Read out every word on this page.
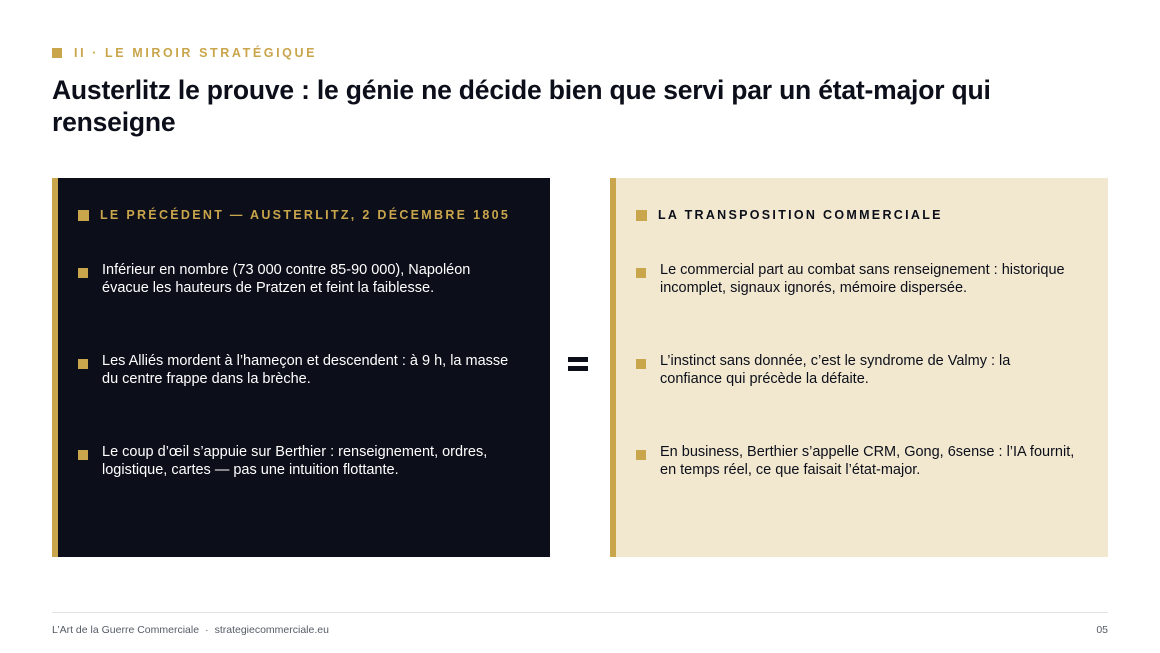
II · LE MIROIR STRATÉGIQUE
Austerlitz le prouve : le génie ne décide bien que servi par un état-major qui renseigne
LE PRÉCÉDENT — AUSTERLITZ, 2 DÉCEMBRE 1805
Inférieur en nombre (73 000 contre 85-90 000), Napoléon évacue les hauteurs de Pratzen et feint la faiblesse.
Les Alliés mordent à l’hameçon et descendent : à 9 h, la masse du centre frappe dans la brèche.
Le coup d’œil s’appuie sur Berthier : renseignement, ordres, logistique, cartes — pas une intuition flottante.
LA TRANSPOSITION COMMERCIALE
Le commercial part au combat sans renseignement : historique incomplet, signaux ignorés, mémoire dispersée.
L’instinct sans donnée, c’est le syndrome de Valmy : la confiance qui précède la défaite.
En business, Berthier s’appelle CRM, Gong, 6sense : l’IA fournit, en temps réel, ce que faisait l’état-major.
L’Art de la Guerre Commerciale · strategiecommerciale.eu	05
